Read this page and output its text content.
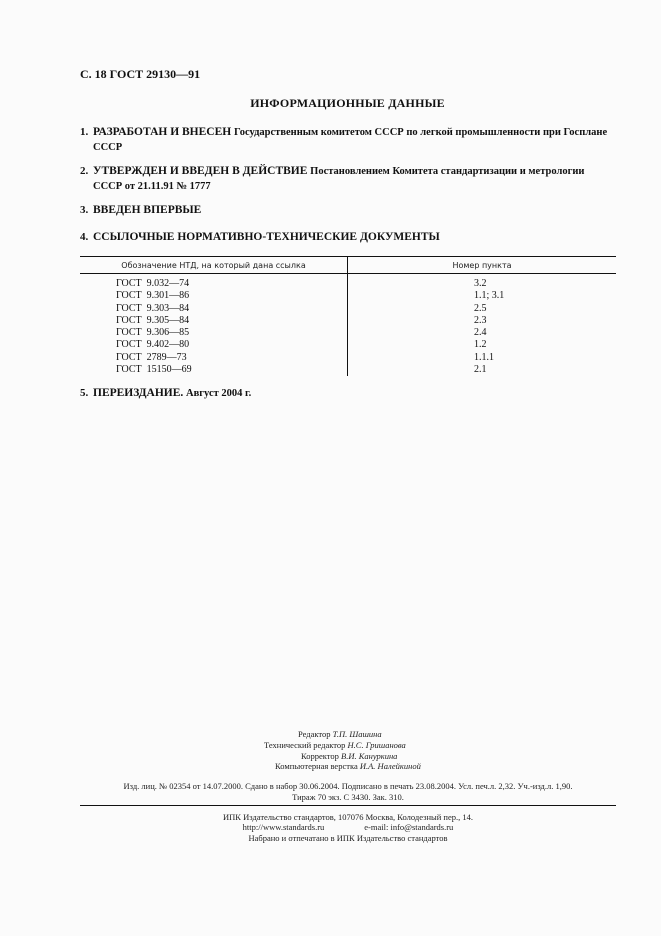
С. 18 ГОСТ 29130—91
ИНФОРМАЦИОННЫЕ ДАННЫЕ
1. РАЗРАБОТАН И ВНЕСЕН Государственным комитетом СССР по легкой промышленности при Госплане СССР
2. УТВЕРЖДЕН И ВВЕДЕН В ДЕЙСТВИЕ Постановлением Комитета стандартизации и метрологии СССР от 21.11.91 № 1777
3. ВВЕДЕН ВПЕРВЫЕ
4. ССЫЛОЧНЫЕ НОРМАТИВНО-ТЕХНИЧЕСКИЕ ДОКУМЕНТЫ
Обозначение НТД, на который дана ссылка	Номер пункта
ГОСТ  9.032—74
ГОСТ  9.301—86
ГОСТ  9.303—84
ГОСТ  9.305—84
ГОСТ  9.306—85
ГОСТ  9.402—80
ГОСТ  2789—73
ГОСТ  15150—69
3.2
1.1; 3.1
2.5
2.3
2.4
1.2
1.1.1
2.1
5. ПЕРЕИЗДАНИЕ. Август 2004 г.
Редактор Т.П. Шашина
Технический редактор Н.С. Гришанова
Корректор В.И. Кануркина
Компьютерная верстка И.А. Налейкиной
Изд. лиц. № 02354 от 14.07.2000. Сдано в набор 30.06.2004. Подписано в печать 23.08.2004. Усл. печ.л. 2,32. Уч.-изд.л. 1,90.
Тираж 70 экз. С 3430. Зак. 310.
ИПК Издательство стандартов, 107076 Москва, Колодезный пер., 14.
http://www.standards.ru	e-mail: info@standards.ru
Набрано и отпечатано в ИПК Издательство стандартов
